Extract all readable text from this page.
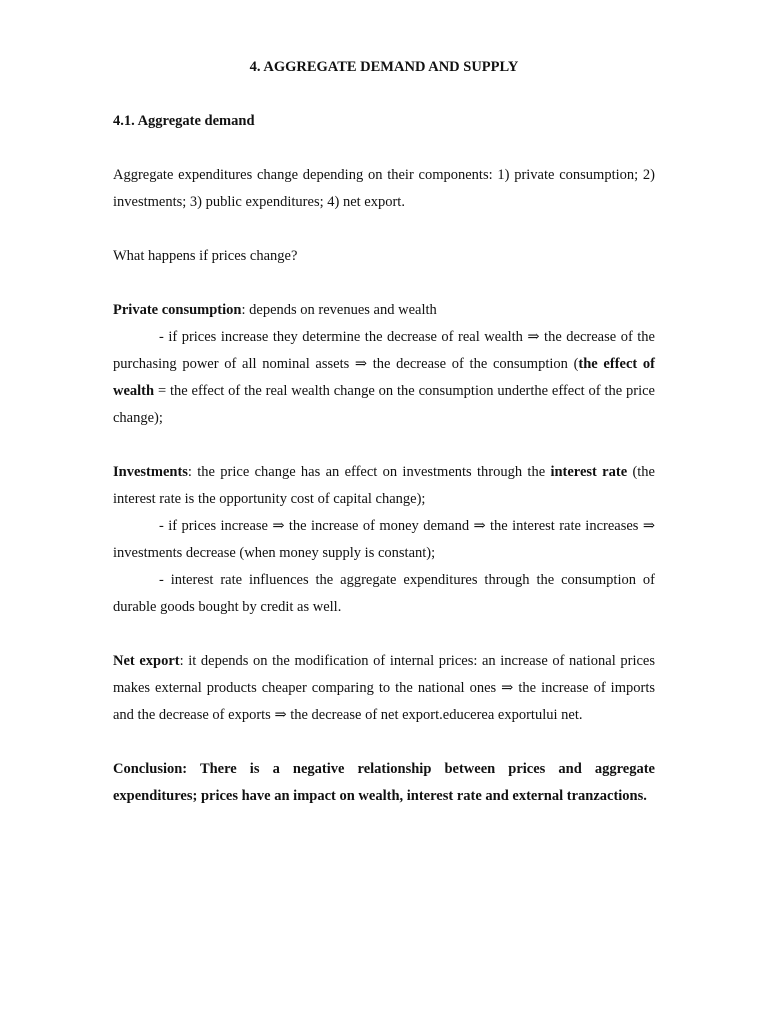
4. AGGREGATE DEMAND AND SUPPLY

4.1. Aggregate demand

Aggregate expenditures change depending on their components: 1) private consumption; 2) investments; 3) public expenditures; 4) net export.

What happens if prices change?

Private consumption: depends on revenues and wealth

- if prices increase they determine the decrease of real wealth ⇒ the decrease of the purchasing power of all nominal assets ⇒ the decrease of the consumption (the effect of wealth = the effect of the real wealth change on the consumption underthe effect of the price change);

Investments: the price change has an effect on investments through the interest rate (the interest rate is the opportunity cost of capital change);

- if prices increase ⇒ the increase of money demand ⇒ the interest rate increases ⇒ investments decrease (when money supply is constant);

- interest rate influences the aggregate expenditures through the consumption of durable goods bought by credit as well.

Net export: it depends on the modification of internal prices: an increase of national prices makes external products cheaper comparing to the national ones ⇒ the increase of imports and the decrease of exports ⇒ the decrease of net export.educerea exportului net.

Conclusion: There is a negative relationship between prices and aggregate expenditures; prices have an impact on wealth, interest rate and external tranzactions.
